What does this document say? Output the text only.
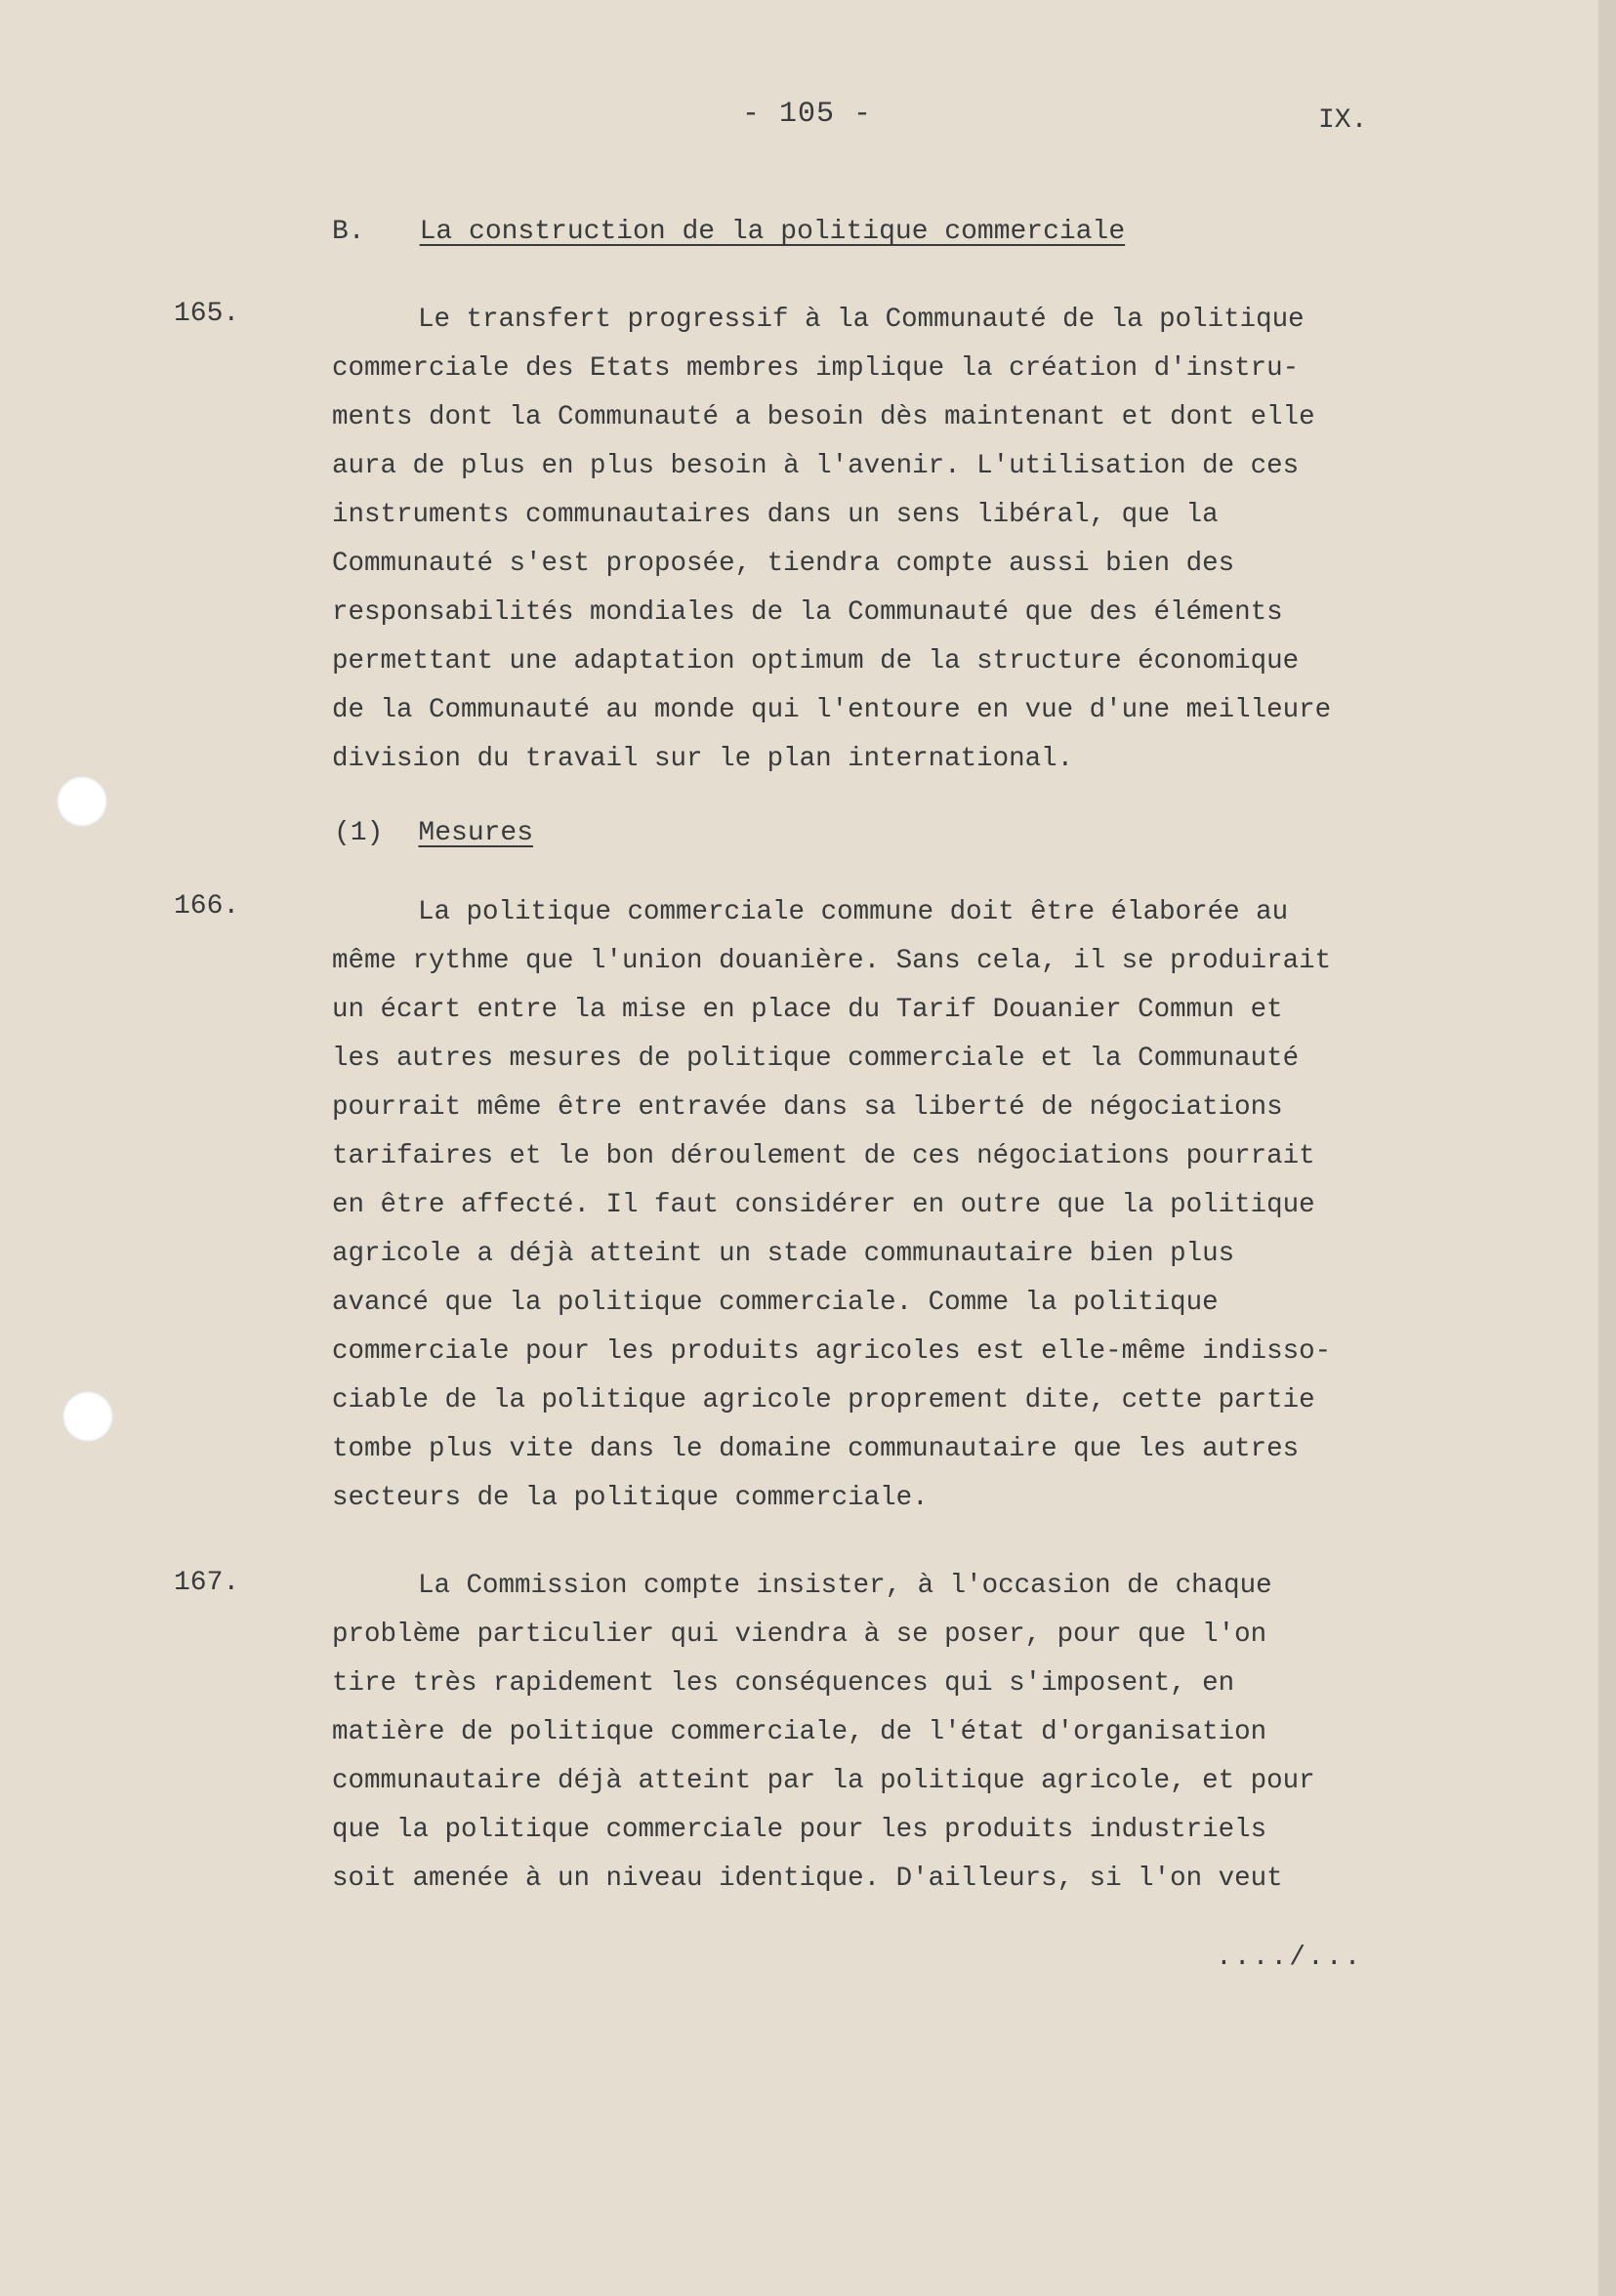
- 105 -	IX.
B. La construction de la politique commerciale
165.	Le transfert progressif à la Communauté de la politique
commerciale des Etats membres implique la création d'instru-
ments dont la Communauté a besoin dès maintenant et dont elle
aura de plus en plus besoin à l'avenir. L'utilisation de ces
instruments communautaires dans un sens libéral, que la
Communauté s'est proposée, tiendra compte aussi bien des
responsabilités mondiales de la Communauté que des éléments
permettant une adaptation optimum de la structure économique
de la Communauté au monde qui l'entoure en vue d'une meilleure
division du travail sur le plan international.
(1) Mesures
166.	La politique commerciale commune doit être élaborée au
même rythme que l'union douanière. Sans cela, il se produirait
un écart entre la mise en place du Tarif Douanier Commun et
les autres mesures de politique commerciale et la Communauté
pourrait même être entravée dans sa liberté de négociations
tarifaires et le bon déroulement de ces négociations pourrait
en être affecté. Il faut considérer en outre que la politique
agricole a déjà atteint un stade communautaire bien plus
avancé que la politique commerciale. Comme la politique
commerciale pour les produits agricoles est elle-même indisso-
ciable de la politique agricole proprement dite, cette partie
tombe plus vite dans le domaine communautaire que les autres
secteurs de la politique commerciale.
167.	La Commission compte insister, à l'occasion de chaque
problème particulier qui viendra à se poser, pour que l'on
tire très rapidement les conséquences qui s'imposent, en
matière de politique commerciale, de l'état d'organisation
communautaire déjà atteint par la politique agricole, et pour
que la politique commerciale pour les produits industriels
soit amenée à un niveau identique. D'ailleurs, si l'on veut
..../...
